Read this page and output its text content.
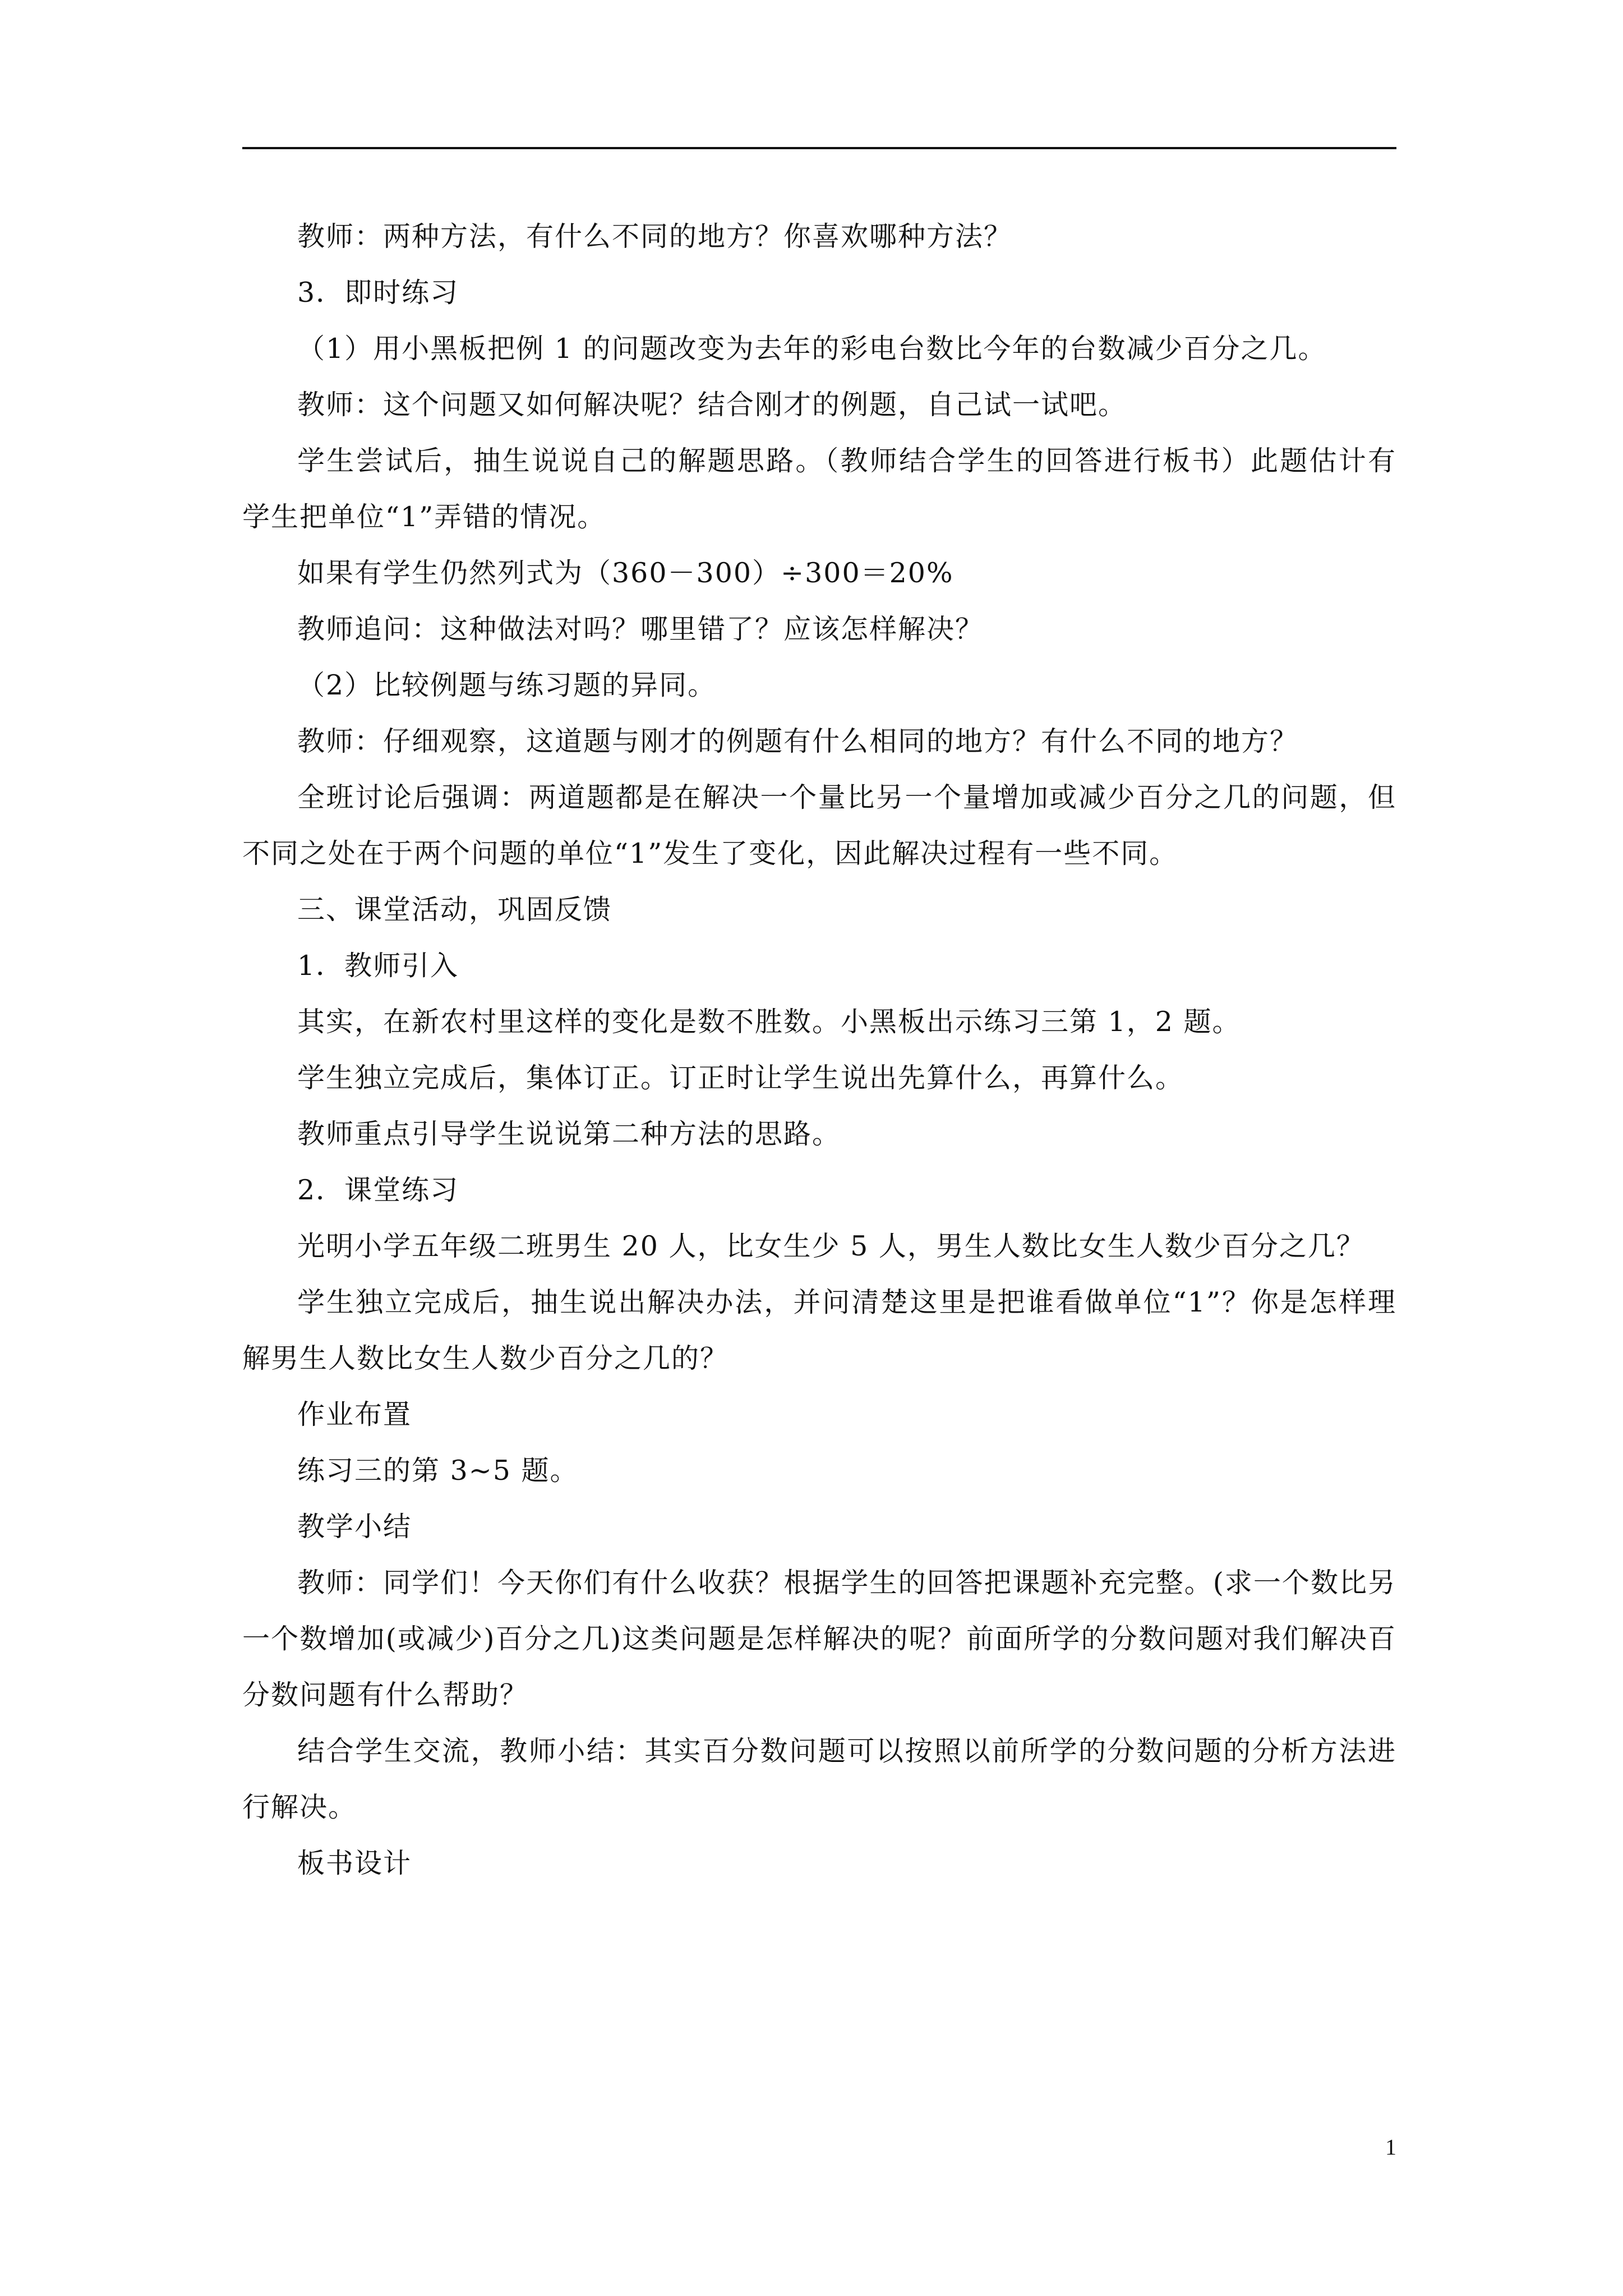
教师：两种方法，有什么不同的地方？你喜欢哪种方法？

3．即时练习

（1）用小黑板把例 1 的问题改变为去年的彩电台数比今年的台数减少百分之几。

教师：这个问题又如何解决呢？结合刚才的例题，自己试一试吧。

学生尝试后，抽生说说自己的解题思路。（教师结合学生的回答进行板书）此题估计有学生把单位“1”弄错的情况。

如果有学生仍然列式为（360－300）÷300＝20%

教师追问：这种做法对吗？哪里错了？应该怎样解决？

（2）比较例题与练习题的异同。

教师：仔细观察，这道题与刚才的例题有什么相同的地方？有什么不同的地方？

全班讨论后强调：两道题都是在解决一个量比另一个量增加或减少百分之几的问题，但不同之处在于两个问题的单位“1”发生了变化，因此解决过程有一些不同。

三、课堂活动，巩固反馈

1．教师引入

其实，在新农村里这样的变化是数不胜数。小黑板出示练习三第 1，2 题。

学生独立完成后，集体订正。订正时让学生说出先算什么，再算什么。

教师重点引导学生说说第二种方法的思路。

2．课堂练习

光明小学五年级二班男生 20 人，比女生少 5 人，男生人数比女生人数少百分之几？

学生独立完成后，抽生说出解决办法，并问清楚这里是把谁看做单位“1”？你是怎样理解男生人数比女生人数少百分之几的？

作业布置

练习三的第 3~5 题。

教学小结

教师：同学们！今天你们有什么收获？根据学生的回答把课题补充完整。(求一个数比另一个数增加(或减少)百分之几)这类问题是怎样解决的呢？前面所学的分数问题对我们解决百分数问题有什么帮助？

结合学生交流，教师小结：其实百分数问题可以按照以前所学的分数问题的分析方法进行解决。

板书设计

1
